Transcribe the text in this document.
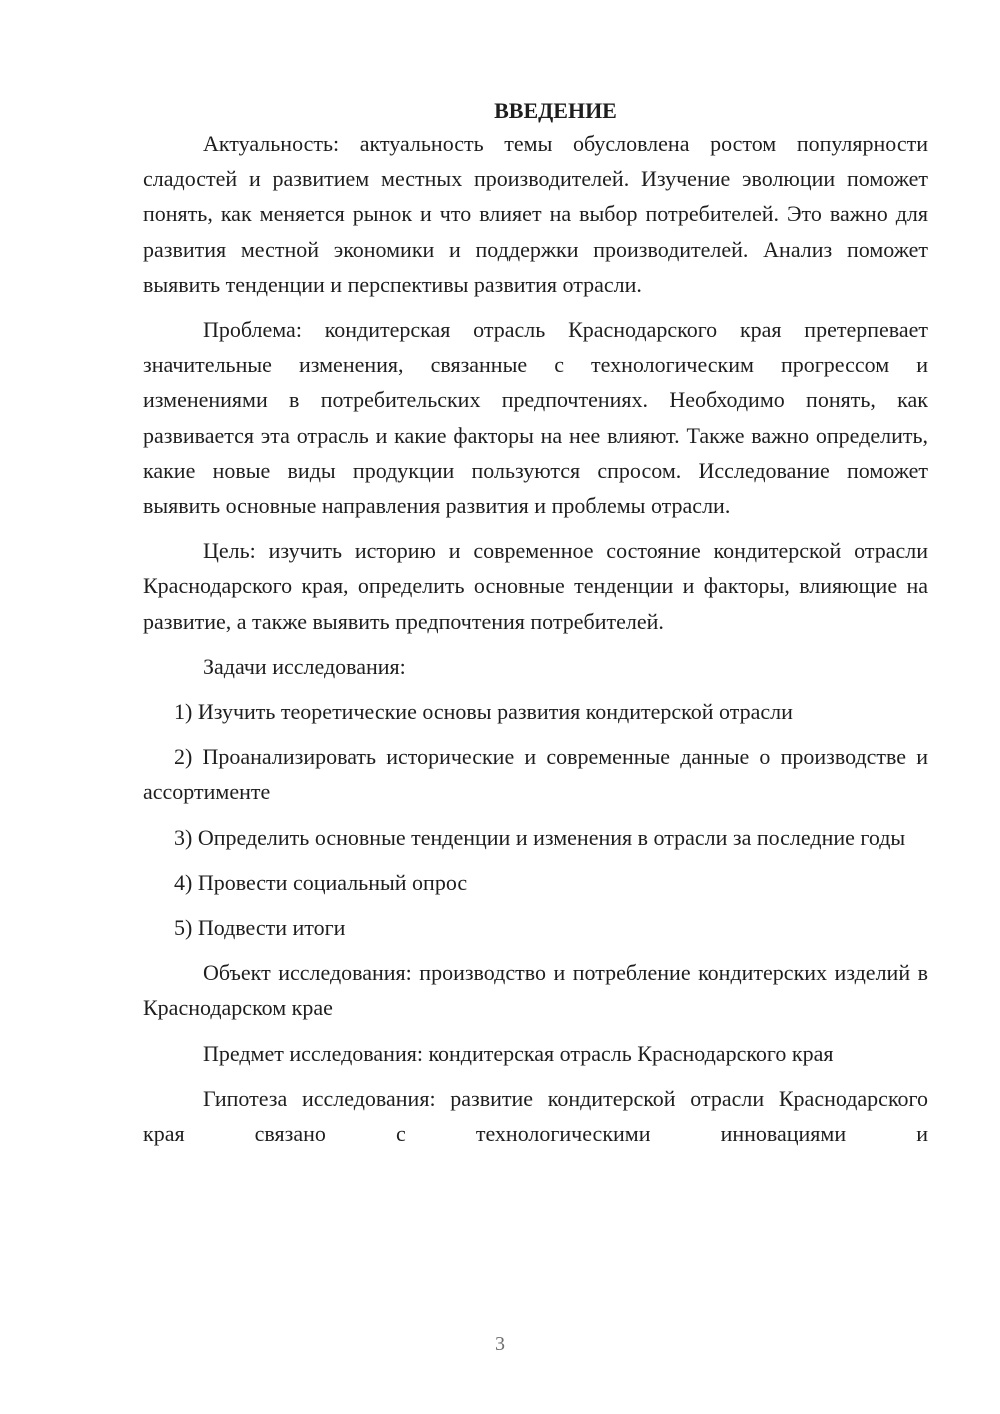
ВВЕДЕНИЕ

Актуальность: актуальность темы обусловлена ростом популярности сладостей и развитием местных производителей. Изучение эволюции поможет понять, как меняется рынок и что влияет на выбор потребителей. Это важно для развития местной экономики и поддержки производителей. Анализ поможет выявить тенденции и перспективы развития отрасли.

Проблема: кондитерская отрасль Краснодарского края претерпевает значительные изменения, связанные с технологическим прогрессом и изменениями в потребительских предпочтениях. Необходимо понять, как развивается эта отрасль и какие факторы на нее влияют. Также важно определить, какие новые виды продукции пользуются спросом. Исследование поможет выявить основные направления развития и проблемы отрасли.

Цель: изучить историю и современное состояние кондитерской отрасли Краснодарского края, определить основные тенденции и факторы, влияющие на развитие, а также выявить предпочтения потребителей.

Задачи исследования:

1) Изучить теоретические основы развития кондитерской отрасли

2) Проанализировать исторические и современные данные о производстве и ассортименте

3) Определить основные тенденции и изменения в отрасли за последние годы

4) Провести социальный опрос

5) Подвести итоги

Объект исследования: производство и потребление кондитерских изделий в Краснодарском крае

Предмет исследования: кондитерская отрасль Краснодарского края

Гипотеза исследования: развитие кондитерской отрасли Краснодарского края связано с технологическими инновациями и

3
